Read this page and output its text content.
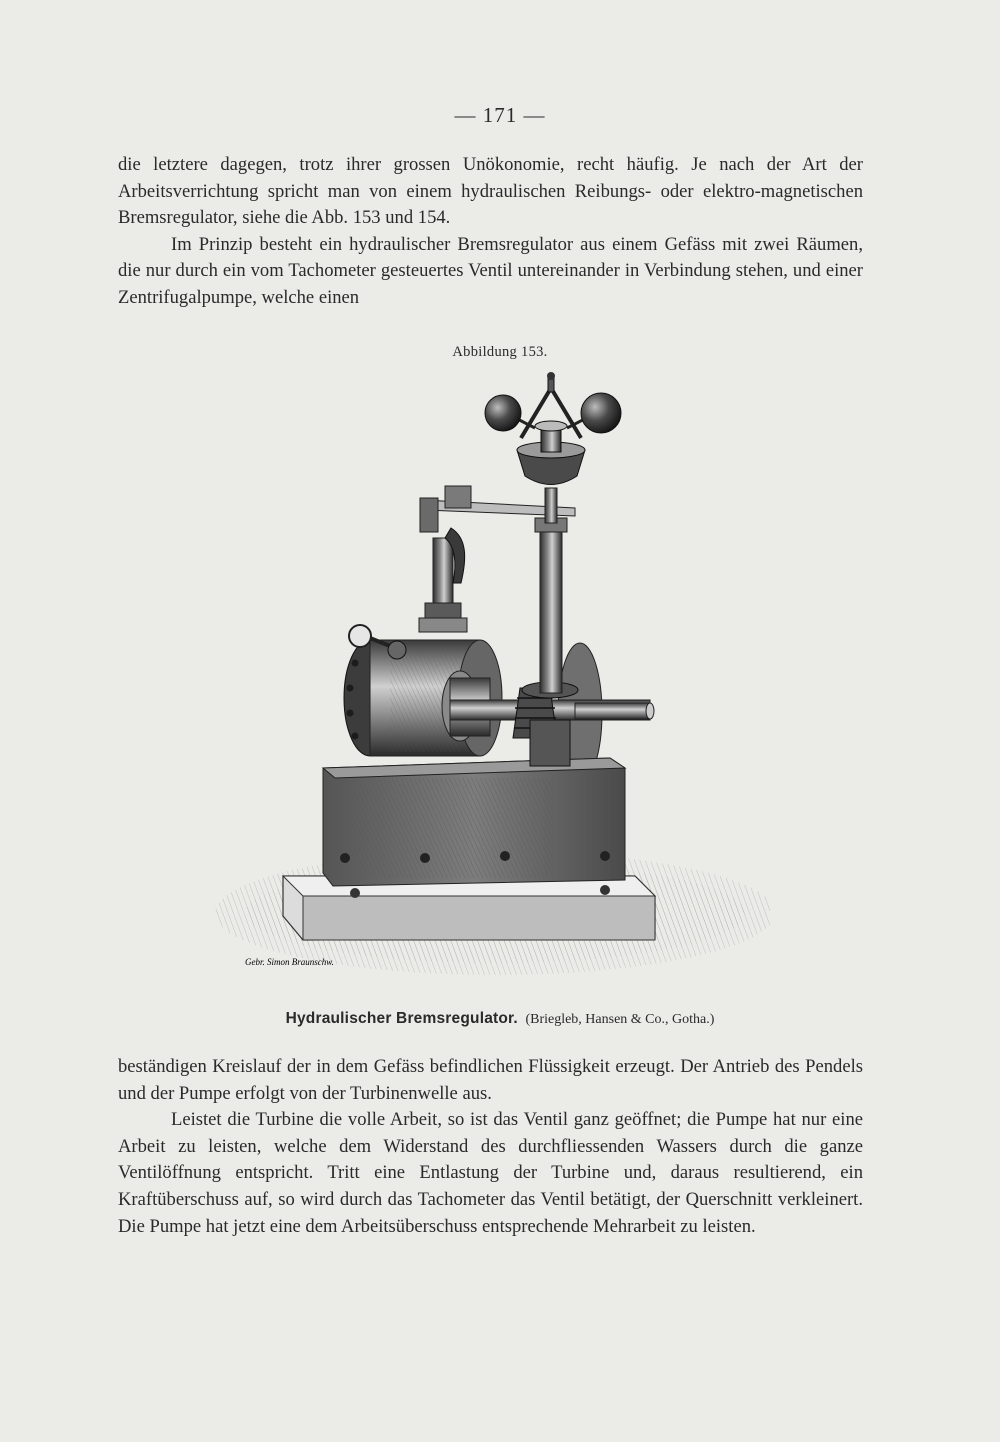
— 171 —

die letztere dagegen, trotz ihrer grossen Unökonomie, recht häufig. Je nach der Art der Arbeitsverrichtung spricht man von einem hydraulischen Reibungs- oder elektro-magnetischen Bremsregulator, siehe die Abb. 153 und 154.

Im Prinzip besteht ein hydraulischer Bremsregulator aus einem Gefäss mit zwei Räumen, die nur durch ein vom Tachometer gesteuertes Ventil untereinander in Verbindung stehen, und einer Zentrifugalpumpe, welche einen

Abbildung 153.
Gebr. Simon Braunschw.
Hydraulischer Bremsregulator. (Briegleb, Hansen & Co., Gotha.)

beständigen Kreislauf der in dem Gefäss befindlichen Flüssigkeit erzeugt. Der Antrieb des Pendels und der Pumpe erfolgt von der Turbinenwelle aus.

Leistet die Turbine die volle Arbeit, so ist das Ventil ganz geöffnet; die Pumpe hat nur eine Arbeit zu leisten, welche dem Widerstand des durchfliessenden Wassers durch die ganze Ventilöffnung entspricht. Tritt eine Entlastung der Turbine und, daraus resultierend, ein Kraftüberschuss auf, so wird durch das Tachometer das Ventil betätigt, der Querschnitt verkleinert. Die Pumpe hat jetzt eine dem Arbeitsüberschuss entsprechende Mehrarbeit zu leisten.
